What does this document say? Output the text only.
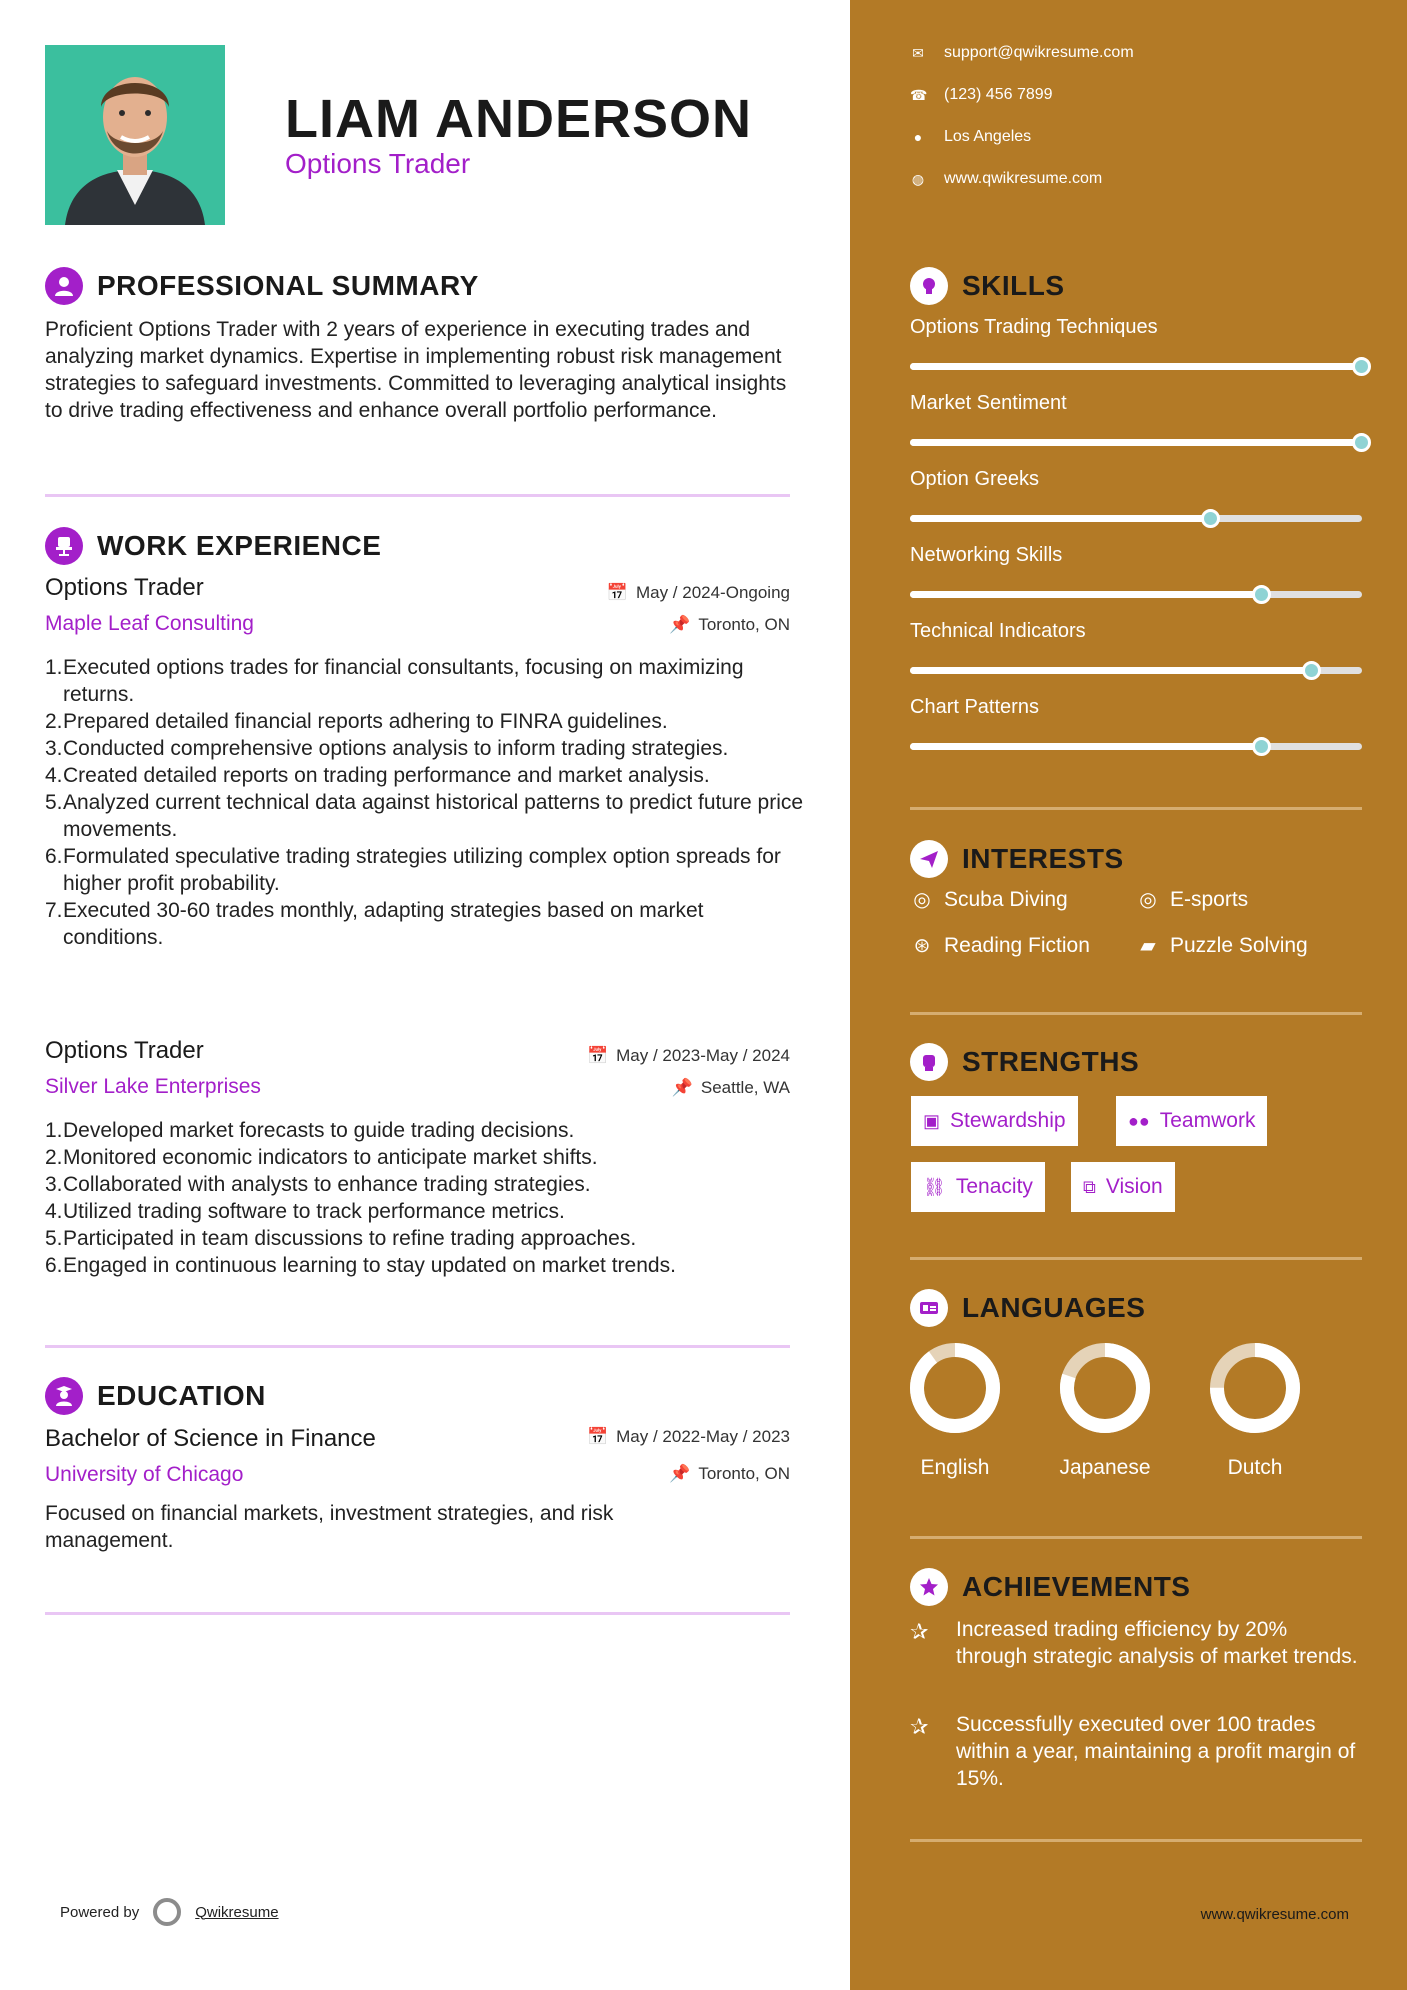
LIAM ANDERSON
Options Trader
PROFESSIONAL SUMMARY
Proficient Options Trader with 2 years of experience in executing trades and analyzing market dynamics. Expertise in implementing robust risk management strategies to safeguard investments. Committed to leveraging analytical insights to drive trading effectiveness and enhance overall portfolio performance.
WORK EXPERIENCE
Options Trader	📅 May / 2024-Ongoing
Maple Leaf Consulting	📌 Toronto, ON
1. Executed options trades for financial consultants, focusing on maximizing returns.
2. Prepared detailed financial reports adhering to FINRA guidelines.
3. Conducted comprehensive options analysis to inform trading strategies.
4. Created detailed reports on trading performance and market analysis.
5. Analyzed current technical data against historical patterns to predict future price movements.
6. Formulated speculative trading strategies utilizing complex option spreads for higher profit probability.
7. Executed 30-60 trades monthly, adapting strategies based on market conditions.
Options Trader	📅 May / 2023-May / 2024
Silver Lake Enterprises	📌 Seattle, WA
1. Developed market forecasts to guide trading decisions.
2. Monitored economic indicators to anticipate market shifts.
3. Collaborated with analysts to enhance trading strategies.
4. Utilized trading software to track performance metrics.
5. Participated in team discussions to refine trading approaches.
6. Engaged in continuous learning to stay updated on market trends.
EDUCATION
Bachelor of Science in Finance	📅 May / 2022-May / 2023
University of Chicago	📌 Toronto, ON
Focused on financial markets, investment strategies, and risk management.
Powered by	Qwikresume
✉ support@qwikresume.com
☎ (123) 456 7899
● Los Angeles
◍ www.qwikresume.com
SKILLS
Options Trading Techniques
Market Sentiment
Option Greeks
Networking Skills
Technical Indicators
Chart Patterns
INTERESTS
◎ Scuba Diving	◎ E-sports
⊛ Reading Fiction	▰ Puzzle Solving
STRENGTHS
▣ Stewardship	●● Teamwork
⛓ Tenacity	⧉ Vision
LANGUAGES
English	Japanese	Dutch
ACHIEVEMENTS
✰	Increased trading efficiency by 20% through strategic analysis of market trends.
✰	Successfully executed over 100 trades within a year, maintaining a profit margin of 15%.
www.qwikresume.com
